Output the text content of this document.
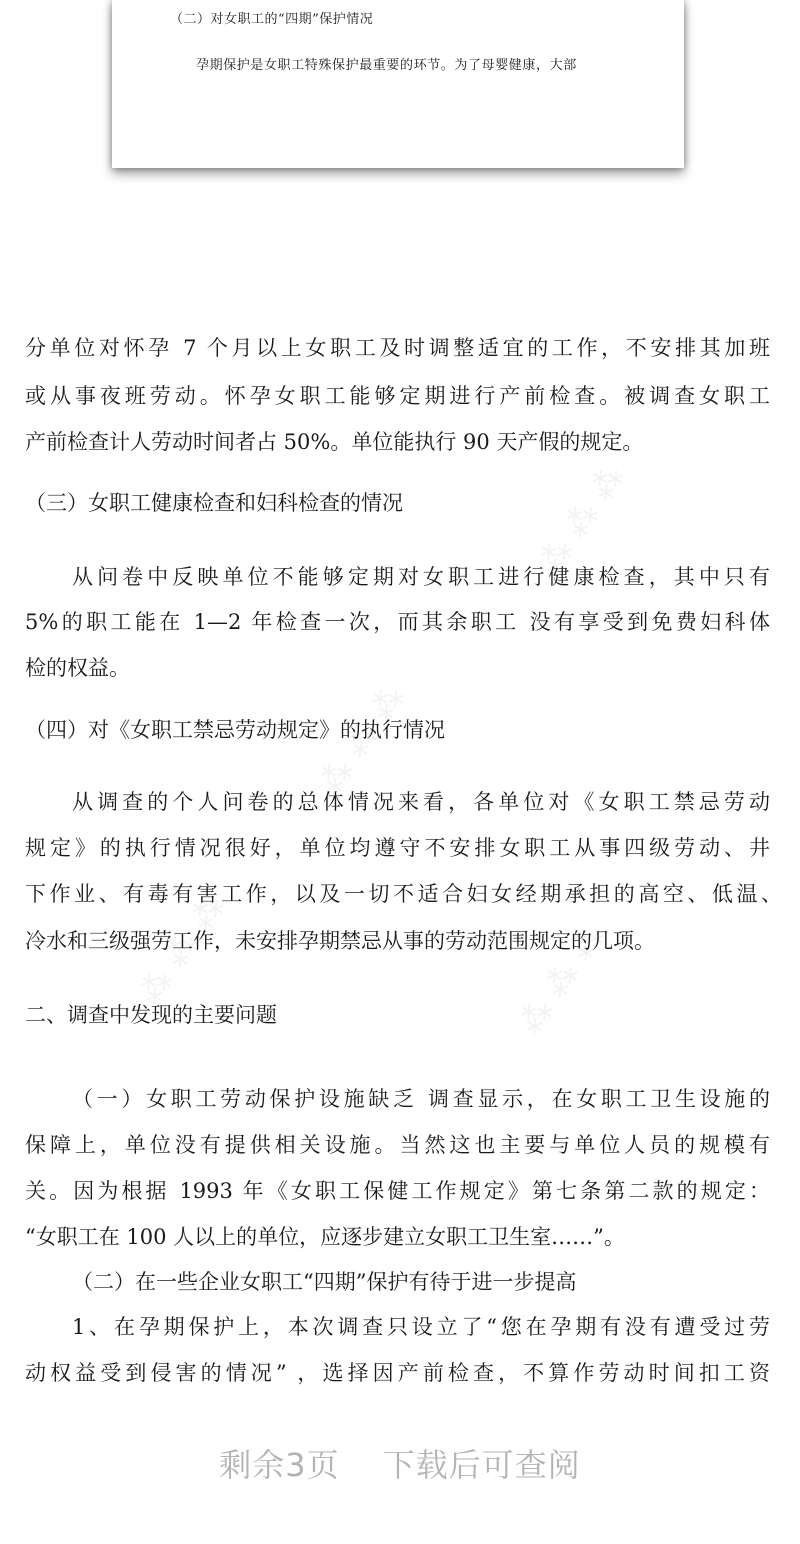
⁂ ⁂ ⁂
⁂ ⁂ ⁂
⁂ ⁂ ⁂	⁂ ⁂ ⁂
（二）对女职工的“四期”保护情况
孕期保护是女职工特殊保护最重要的环节。为了母婴健康，大部
分单位对怀孕 7 个月以上女职工及时调整适宜的工作，不安排其加班
或从事夜班劳动。怀孕女职工能够定期进行产前检查。被调查女职工
产前检查计人劳动时间者占 50%。单位能执行 90 天产假的规定。
（三）女职工健康检查和妇科检查的情况
从问卷中反映单位不能够定期对女职工进行健康检查，其中只有
5%的职工能在 1—2 年检查一次，而其余职工 没有享受到免费妇科体
检的权益。
（四）对《女职工禁忌劳动规定》的执行情况
从调查的个人问卷的总体情况来看，各单位对《女职工禁忌劳动
规定》的执行情况很好，单位均遵守不安排女职工从事四级劳动、井
下作业、有毒有害工作，以及一切不适合妇女经期承担的高空、低温、
冷水和三级强劳工作，未安排孕期禁忌从事的劳动范围规定的几项。
二、调查中发现的主要问题
（一）女职工劳动保护设施缺乏 调查显示，在女职工卫生设施的
保障上，单位没有提供相关设施。当然这也主要与单位人员的规模有
关。因为根据 1993 年《女职工保健工作规定》第七条第二款的规定：
“女职工在 100 人以上的单位，应逐步建立女职工卫生室……”。
（二）在一些企业女职工“四期”保护有待于进一步提高
1、在孕期保护上，本次调查只设立了“您在孕期有没有遭受过劳
动权益受到侵害的情况” ，选择因产前检查，不算作劳动时间扣工资
剩余3页 下载后可查阅
